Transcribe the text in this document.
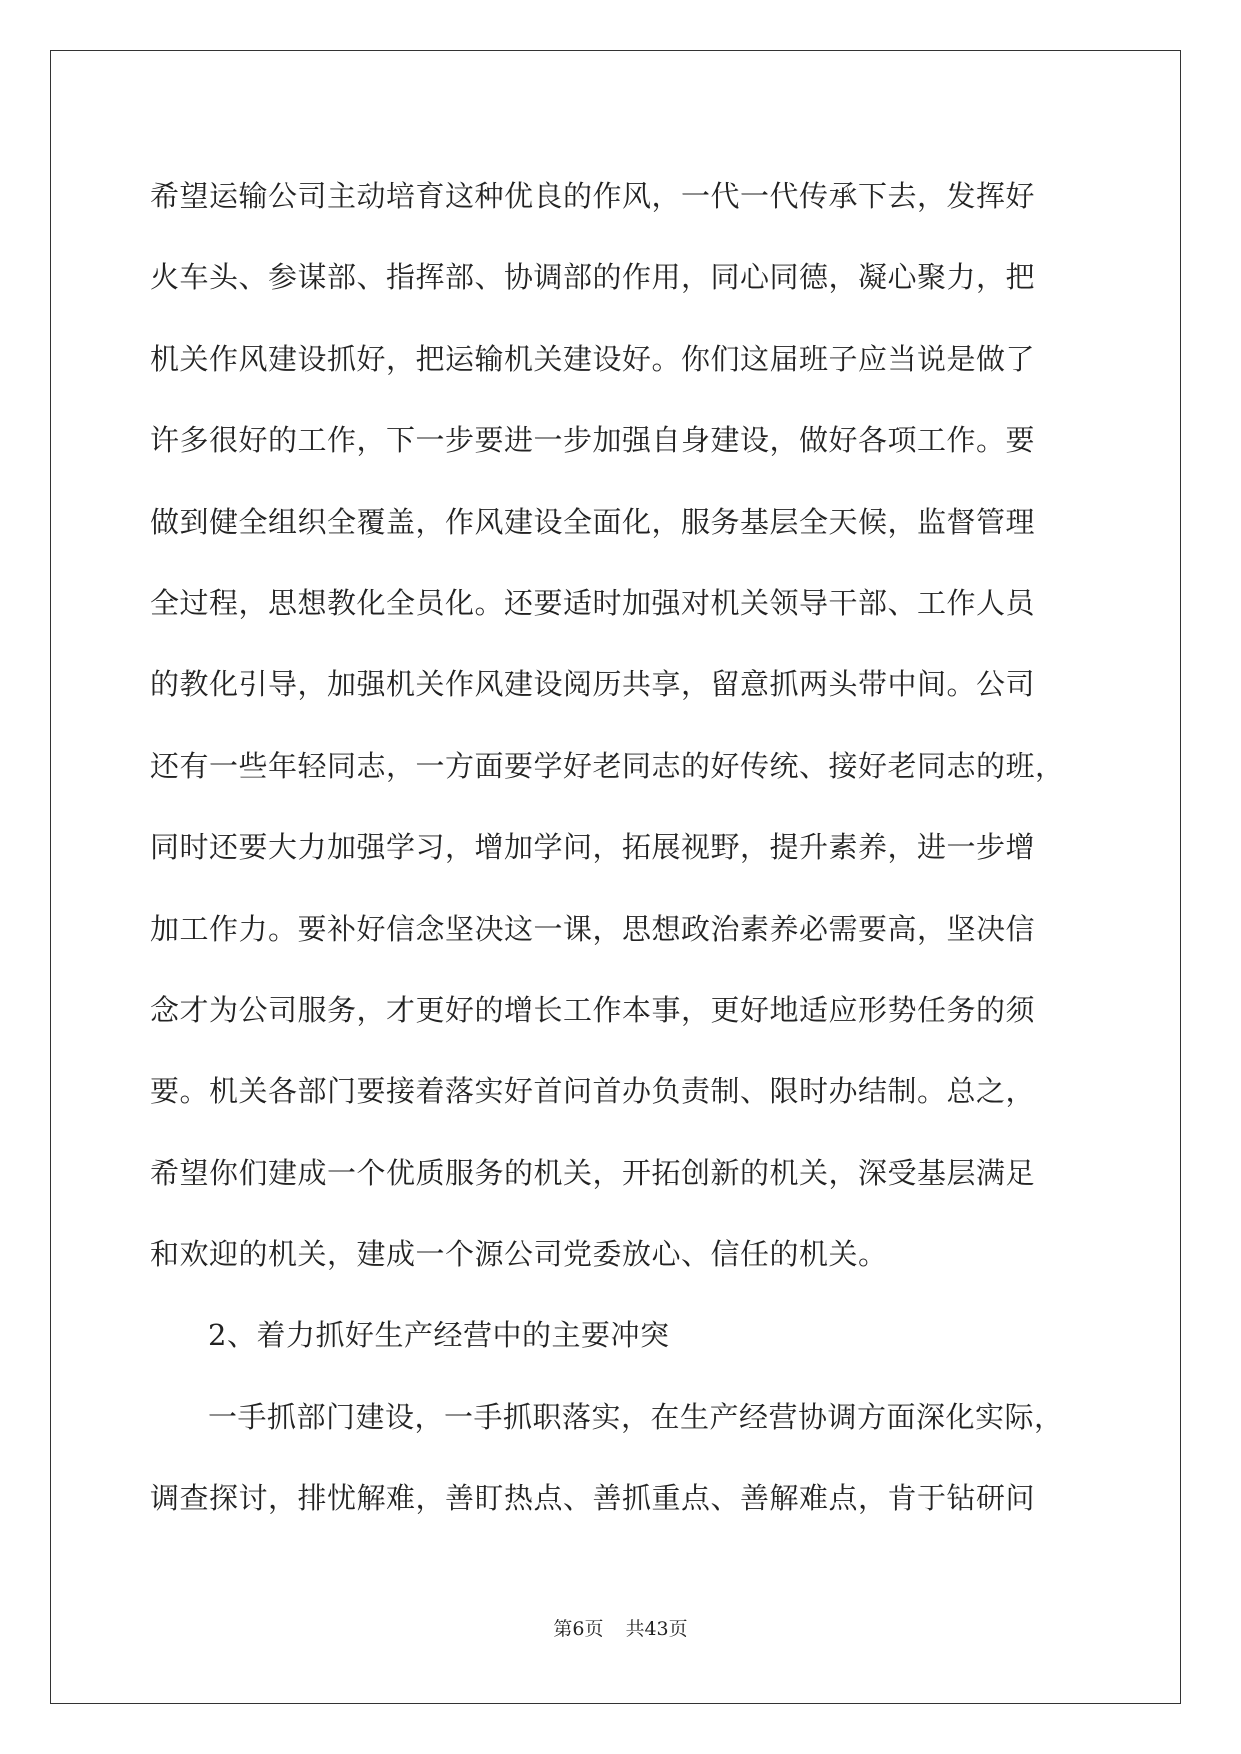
希望运输公司主动培育这种优良的作风，一代一代传承下去，发挥好
火车头、参谋部、指挥部、协调部的作用，同心同德，凝心聚力，把
机关作风建设抓好，把运输机关建设好。你们这届班子应当说是做了
许多很好的工作，下一步要进一步加强自身建设，做好各项工作。要
做到健全组织全覆盖，作风建设全面化，服务基层全天候，监督管理
全过程，思想教化全员化。还要适时加强对机关领导干部、工作人员
的教化引导，加强机关作风建设阅历共享，留意抓两头带中间。公司
还有一些年轻同志，一方面要学好老同志的好传统、接好老同志的班，
同时还要大力加强学习，增加学问，拓展视野，提升素养，进一步增
加工作力。要补好信念坚决这一课，思想政治素养必需要高，坚决信
念才为公司服务，才更好的增长工作本事，更好地适应形势任务的须
要。机关各部门要接着落实好首问首办负责制、限时办结制。总之，
希望你们建成一个优质服务的机关，开拓创新的机关，深受基层满足
和欢迎的机关，建成一个源公司党委放心、信任的机关。
2、着力抓好生产经营中的主要冲突
一手抓部门建设，一手抓职落实，在生产经营协调方面深化实际，
调查探讨，排忧解难，善盯热点、善抓重点、善解难点，肯于钻研问
第6页 共43页
